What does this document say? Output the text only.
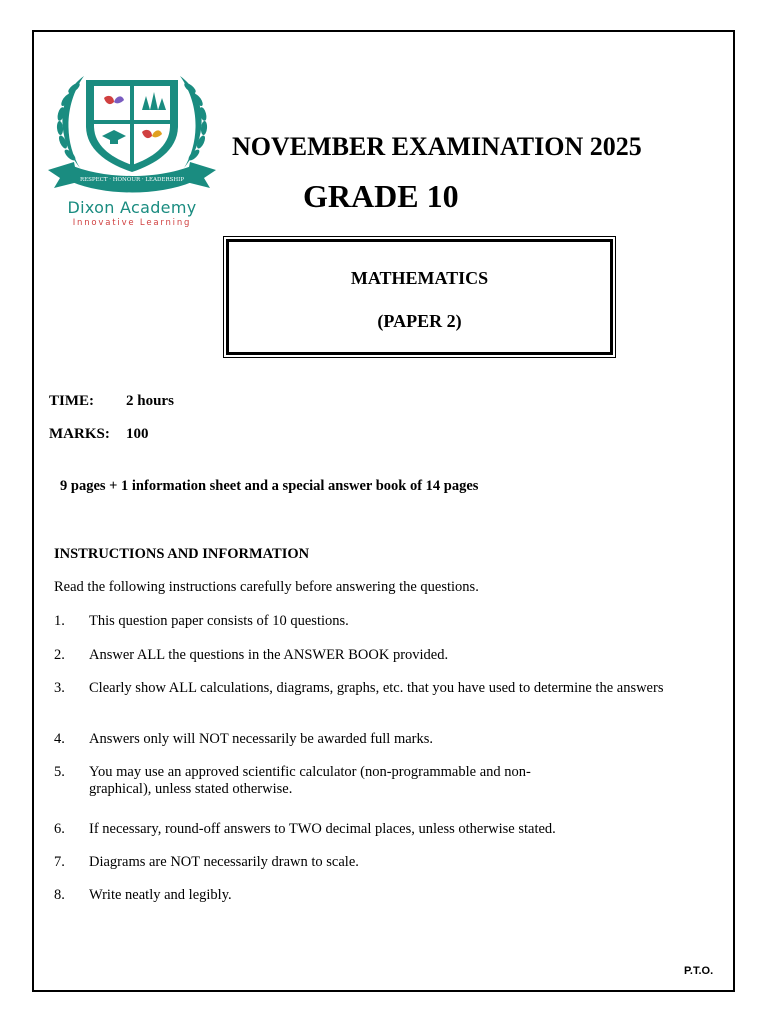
RESPECT · HONOUR · LEADERSHIP
Dixon Academy
Innovative Learning
NOVEMBER EXAMINATION 2025
GRADE 10
MATHEMATICS
(PAPER 2)
TIME: 2 hours
MARKS: 100
9 pages + 1 information sheet and a special answer book of 14 pages
INSTRUCTIONS AND INFORMATION
Read the following instructions carefully before answering the questions.
1. This question paper consists of 10 questions.
2. Answer ALL the questions in the ANSWER BOOK provided.
3. Clearly show ALL calculations, diagrams, graphs, etc. that you have used to determine the answers
4. Answers only will NOT necessarily be awarded full marks.
5. You may use an approved scientific calculator (non-programmable and non-graphical), unless stated otherwise.
6. If necessary, round-off answers to TWO decimal places, unless otherwise stated.
7. Diagrams are NOT necessarily drawn to scale.
8. Write neatly and legibly.
P.T.O.
